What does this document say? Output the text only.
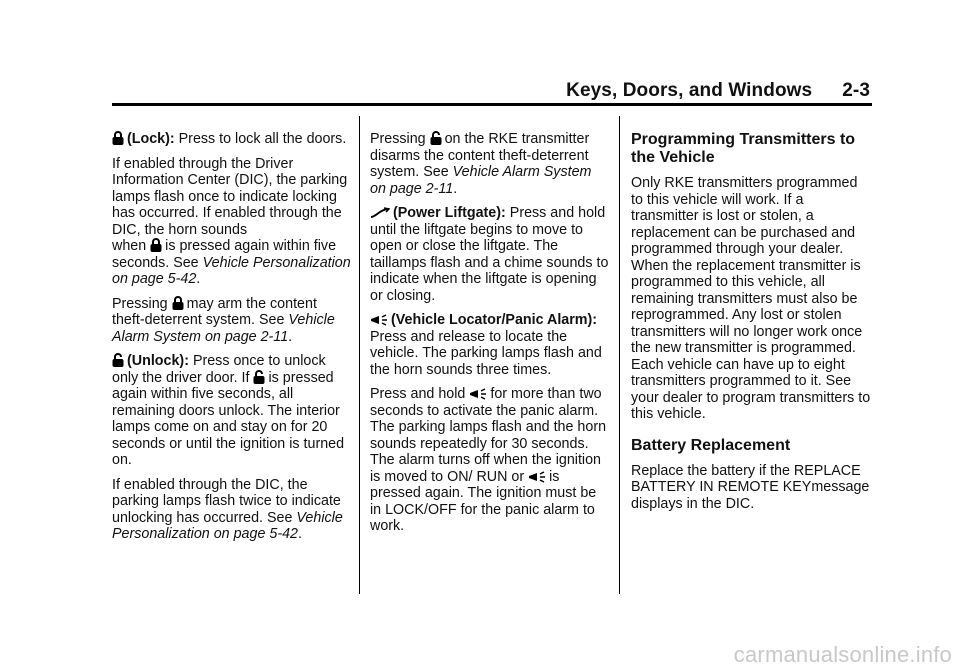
Keys, Doors, and Windows 2-3

(Lock): Press to lock all the doors.

If enabled through the Driver Information Center (DIC), the parking lamps flash once to indicate locking has occurred. If enabled through the DIC, the horn sounds
when is pressed again within five seconds. See Vehicle Personalization on page 5-42.

Pressing may arm the content theft-deterrent system. See Vehicle Alarm System on page 2-11.

(Unlock): Press once to unlock only the driver door. If is pressed again within five seconds, all remaining doors unlock. The interior lamps come on and stay on for 20 seconds or until the ignition is turned on.

If enabled through the DIC, the parking lamps flash twice to indicate unlocking has occurred. See Vehicle Personalization on page 5-42.

Pressing on the RKE transmitter disarms the content theft-deterrent system. See Vehicle Alarm System on page 2-11.

(Power Liftgate): Press and hold until the liftgate begins to move to open or close the liftgate. The taillamps flash and a chime sounds to indicate when the liftgate is opening or closing.

(Vehicle Locator/Panic Alarm): Press and release to locate the vehicle. The parking lamps flash and the horn sounds three times.

Press and hold for more than two seconds to activate the panic alarm. The parking lamps flash and the horn sounds repeatedly for 30 seconds. The alarm turns off when the ignition is moved to ON/ RUN or is pressed again. The ignition must be in LOCK/OFF for the panic alarm to work.

Programming Transmitters to the Vehicle

Only RKE transmitters programmed to this vehicle will work. If a transmitter is lost or stolen, a replacement can be purchased and programmed through your dealer. When the replacement transmitter is programmed to this vehicle, all remaining transmitters must also be reprogrammed. Any lost or stolen transmitters will no longer work once the new transmitter is programmed. Each vehicle can have up to eight transmitters programmed to it. See your dealer to program transmitters to this vehicle.

Battery Replacement

Replace the battery if the REPLACE BATTERY IN REMOTE KEYmessage displays in the DIC.

carmanualsonline.info
